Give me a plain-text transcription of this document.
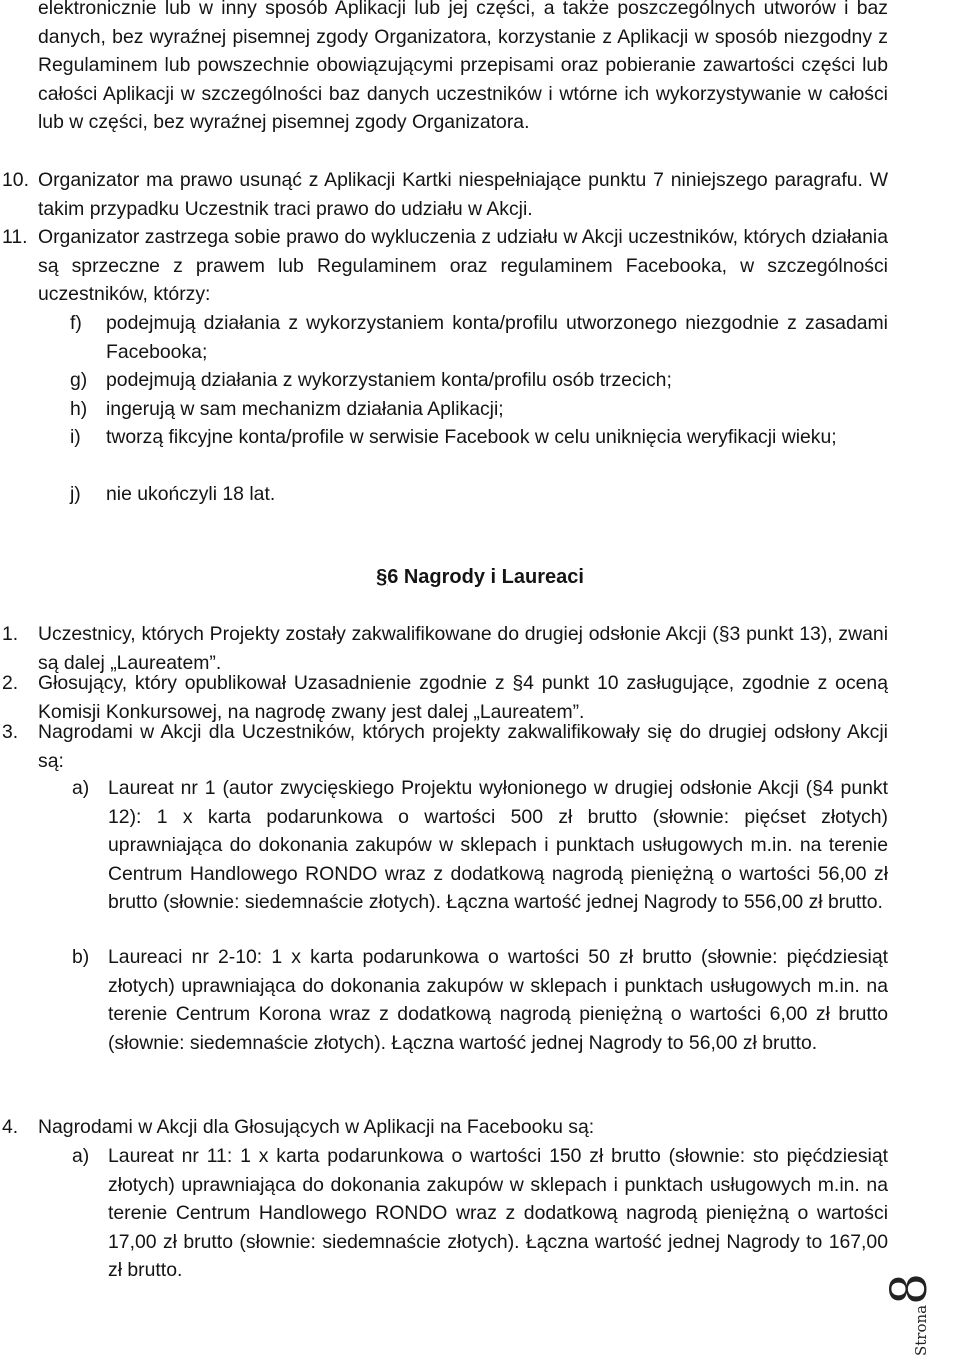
elektronicznie lub w inny sposób Aplikacji lub jej części, a także poszczególnych utworów i baz danych, bez wyraźnej pisemnej zgody Organizatora, korzystanie z Aplikacji w sposób niezgodny z Regulaminem lub powszechnie obowiązującymi przepisami oraz pobieranie zawartości części lub całości Aplikacji w szczególności baz danych uczestników i wtórne ich wykorzystywanie w całości lub w części, bez wyraźnej pisemnej zgody Organizatora.
10. Organizator ma prawo usunąć z Aplikacji Kartki niespełniające punktu 7 niniejszego paragrafu. W takim przypadku Uczestnik traci prawo do udziału w Akcji.
11. Organizator zastrzega sobie prawo do wykluczenia z udziału w Akcji uczestników, których działania są sprzeczne z prawem lub Regulaminem oraz regulaminem Facebooka, w szczególności uczestników, którzy:
f) podejmują działania z wykorzystaniem konta/profilu utworzonego niezgodnie z zasadami Facebooka;
g) podejmują działania z wykorzystaniem konta/profilu osób trzecich;
h) ingerują w sam mechanizm działania Aplikacji;
i) tworzą fikcyjne konta/profile w serwisie Facebook w celu uniknięcia weryfikacji wieku;
j) nie ukończyli 18 lat.
§6 Nagrody i Laureaci
1. Uczestnicy, których Projekty zostały zakwalifikowane do drugiej odsłonie Akcji (§3 punkt 13), zwani są dalej „Laureatem”.
2. Głosujący, który opublikował Uzasadnienie zgodnie z §4 punkt 10 zasługujące, zgodnie z oceną Komisji Konkursowej, na nagrodę zwany jest dalej „Laureatem”.
3. Nagrodami w Akcji dla Uczestników, których projekty zakwalifikowały się do drugiej odsłony Akcji są:
a) Laureat nr 1 (autor zwycięskiego Projektu wyłonionego w drugiej odsłonie Akcji (§4 punkt 12): 1 x karta podarunkowa o wartości 500 zł brutto (słownie: pięćset złotych) uprawniająca do dokonania zakupów w sklepach i punktach usługowych m.in. na terenie Centrum Handlowego RONDO wraz z dodatkową nagrodą pieniężną o wartości 56,00 zł brutto (słownie: siedemnaście złotych). Łączna wartość jednej Nagrody to 556,00 zł brutto.
b) Laureaci nr 2-10: 1 x karta podarunkowa o wartości 50 zł brutto (słownie: pięćdziesiąt złotych) uprawniająca do dokonania zakupów w sklepach i punktach usługowych m.in. na terenie Centrum Korona wraz z dodatkową nagrodą pieniężną o wartości 6,00 zł brutto (słownie: siedemnaście złotych). Łączna wartość jednej Nagrody to 56,00 zł brutto.
4. Nagrodami w Akcji dla Głosujących w Aplikacji na Facebooku są:
a) Laureat nr 11: 1 x karta podarunkowa o wartości 150 zł brutto (słownie: sto pięćdziesiąt złotych) uprawniająca do dokonania zakupów w sklepach i punktach usługowych m.in. na terenie Centrum Handlowego RONDO wraz z dodatkową nagrodą pieniężną o wartości 17,00 zł brutto (słownie: siedemnaście złotych). Łączna wartość jednej Nagrody to 167,00 zł brutto.
Strona8
